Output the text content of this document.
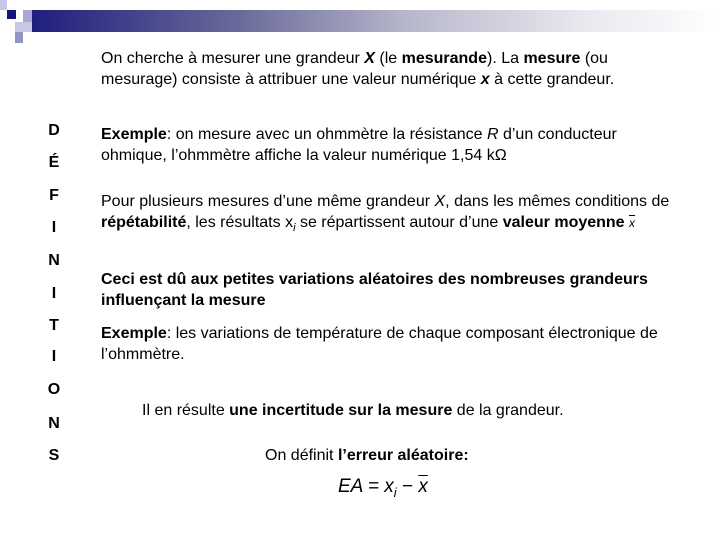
D
É
F
I
N
I
T
I
O
N
S
On cherche à mesurer une grandeur X (le mesurande). La mesure (ou mesurage) consiste à attribuer une valeur numérique x à cette grandeur.
Exemple: on mesure avec un ohmmètre la résistance R d’un conducteur ohmique, l’ohmmètre affiche la valeur numérique 1,54 kΩ
Pour plusieurs mesures d’une même grandeur X, dans les mêmes conditions de répétabilité, les résultats $x_i$ se répartissent autour d’une valeur moyenne $\overline{x}$
Ceci est dû aux petites variations aléatoires des nombreuses grandeurs influençant la mesure
Exemple: les variations de température de chaque composant électronique de l’ohmmètre.
Il en résulte une incertitude sur la mesure de la grandeur.
On définit l’erreur aléatoire:
EA = $x_i - \overline{x}$
